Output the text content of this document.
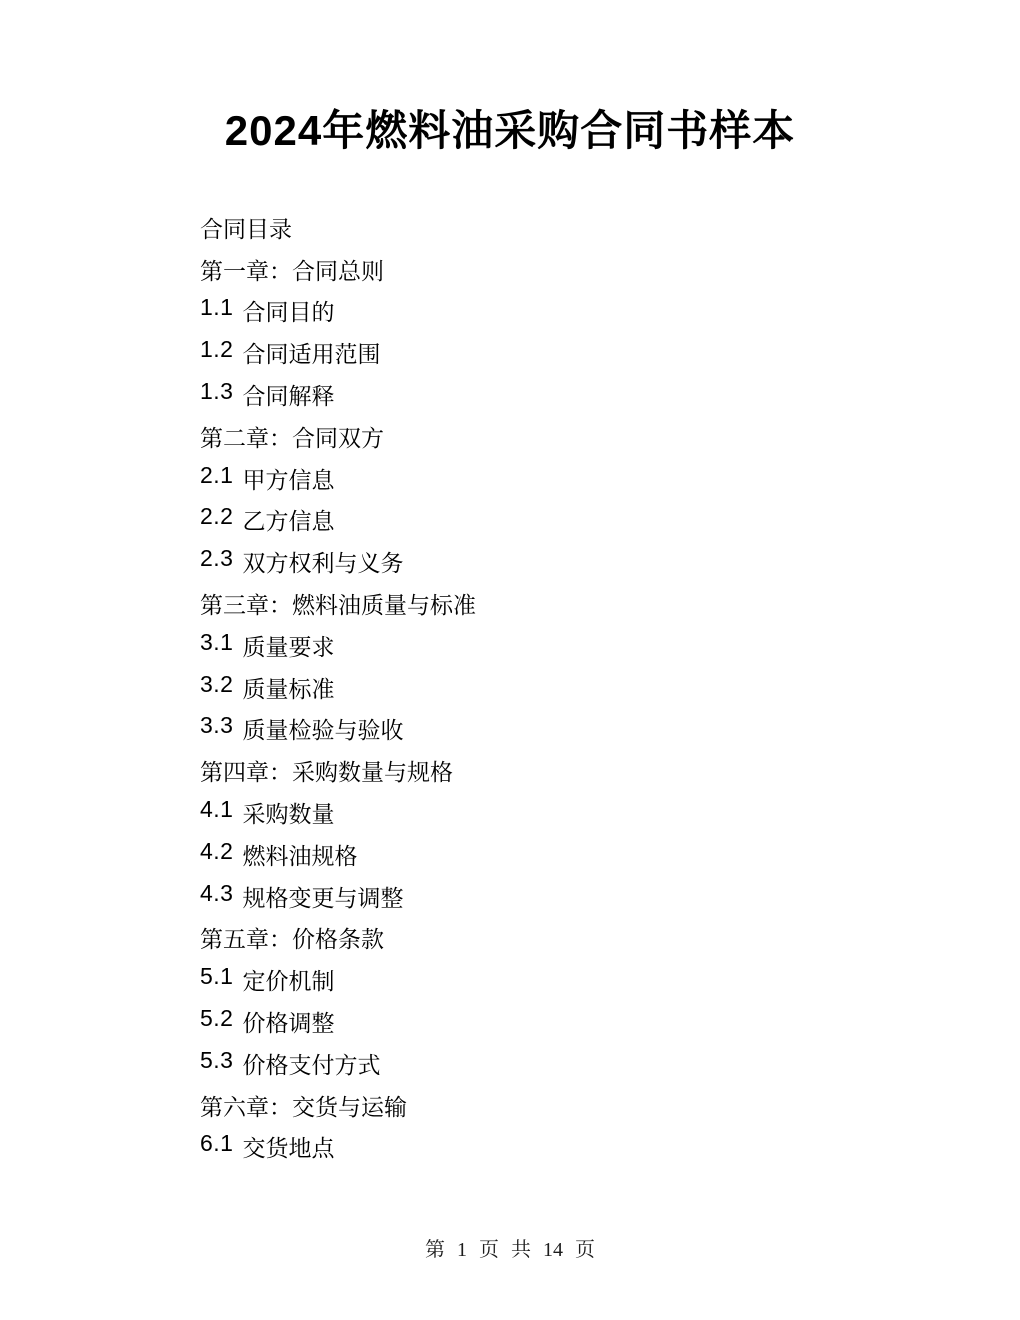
2024年燃料油采购合同书样本
合同目录
第一章：合同总则
1.1 合同目的
1.2 合同适用范围
1.3 合同解释
第二章：合同双方
2.1 甲方信息
2.2 乙方信息
2.3 双方权利与义务
第三章：燃料油质量与标准
3.1 质量要求
3.2 质量标准
3.3 质量检验与验收
第四章：采购数量与规格
4.1 采购数量
4.2 燃料油规格
4.3 规格变更与调整
第五章：价格条款
5.1 定价机制
5.2 价格调整
5.3 价格支付方式
第六章：交货与运输
6.1 交货地点
第 1 页 共 14 页
